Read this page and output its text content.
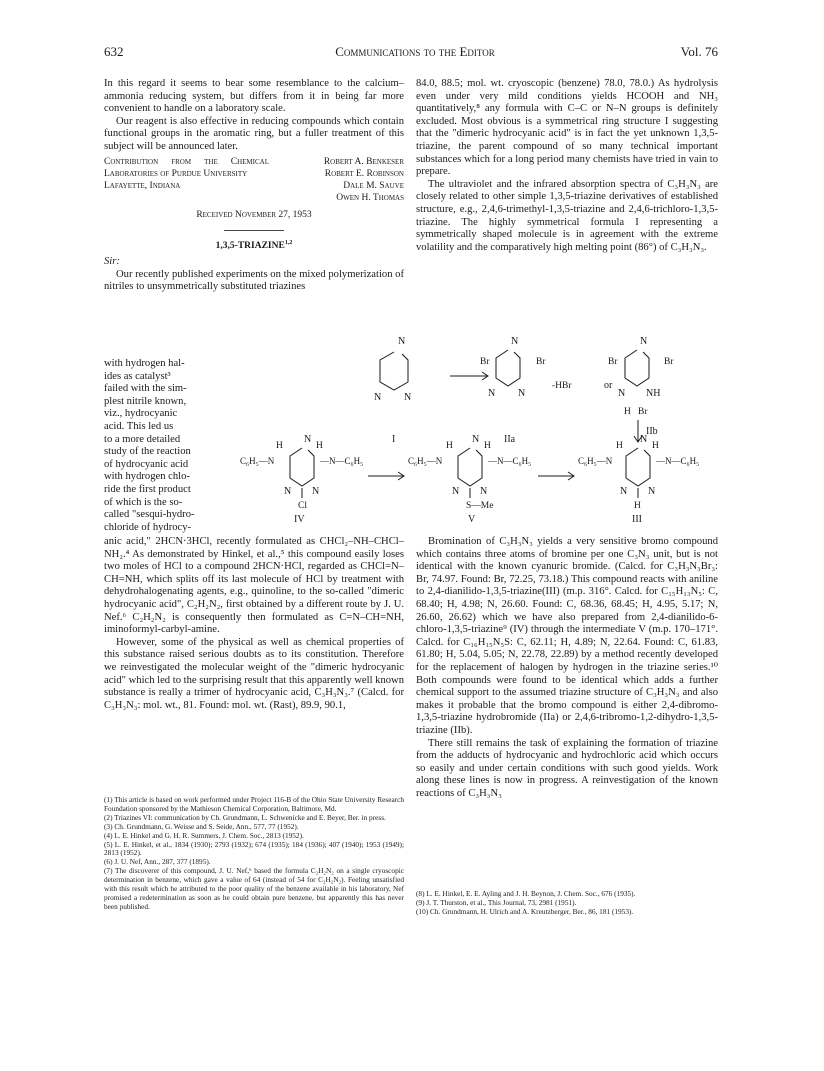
632	Communications to the Editor	Vol. 76

In this regard it seems to bear some resemblance to the calcium–ammonia reducing system, but differs from it in being far more convenient to handle on a laboratory scale.

Our reagent is also effective in reducing compounds which contain functional groups in the aromatic ring, but a fuller treatment of this subject will be announced later.

Contribution from the Chemical Laboratories of Purdue University
Lafayette, Indiana
Robert A. Benkeser
Robert E. Robinson
Dale M. Sauve
Owen H. Thomas
Received November 27, 1953
1,3,5-TRIAZINE$^{1,2}$
Sir:

Our recently published experiments on the mixed polymerization of nitriles to unsymmetrically substituted triazines

with hydrogen hal-
ides as catalyst³
failed with the sim-
plest nitrile known,
viz., hydrocyanic
acid. This led us
to a more detailed
study of the reaction
of hydrocyanic acid
with hydrogen chlo-
ride the first product
of which is the so-
called "sesqui-hydro-
chloride of hydrocy-

anic acid," 2HCN·3HCl, recently formulated as CHCl₂–NH–CHCl–NH₂.⁴ As demonstrated by Hinkel, et al.,⁵ this compound easily loses two moles of HCl to a compound 2HCN·HCl, regarded as CHCl=N–CH=NH, which splits off its last molecule of HCl by treatment with dehydrohalogenating agents, e.g., quinoline, to the so-called "dimeric hydrocyanic acid", C₂H₂N₂, first obtained by a different route by J. U. Nef.⁶ C₂H₂N₂ is consequently then formulated as C=N–CH=NH, iminoformyl-carbyl-amine.

However, some of the physical as well as chemical properties of this substance raised serious doubts as to its constitution. Therefore we reinvestigated the molecular weight of the "dimeric hydrocyanic acid" which led to the surprising result that this apparently well known substance is really a trimer of hydrocyanic acid, C₃H₃N₃.⁷ (Calcd. for C₃H₃N₃: mol. wt., 81. Found: mol. wt. (Rast), 89.9, 90.1,

(1) This article is based on work performed under Project 116-B of the Ohio State University Research Foundation sponsored by the Mathieson Chemical Corporation, Baltimore, Md.

(2) Triazines VI: communication by Ch. Grundmann, L. Schwenicke and E. Beyer, Ber. in press.

(3) Ch. Grundmann, G. Weisse and S. Seide, Ann., 577, 77 (1952).

(4) L. E. Hinkel and G. H. R. Summers, J. Chem. Soc., 2813 (1952).

(5) L. E. Hinkel, et al., 1834 (1930); 2793 (1932); 674 (1935); 184 (1936); 407 (1940); 1953 (1949); 2813 (1952).

(6) J. U. Nef, Ann., 287, 377 (1895).

(7) The discoverer of this compound, J. U. Nef,⁶ based the formula C₂H₂N₂ on a single cryoscopic determination in benzene, which gave a value of 64 (instead of 54 for C₂H₂N₂). Feeling unsatisfied with this result which he attributed to the poor quality of the benzene available in his laboratory, Nef promised a redetermination as soon as he could obtain pure benzene, but apparently this has never been published.

84.0, 88.5; mol. wt. cryoscopic (benzene) 78.0, 78.0.) As hydrolysis even under very mild conditions yields HCOOH and NH₃ quantitatively,⁸ any formula with C–C or N–N groups is definitely excluded. Most obvious is a symmetrical ring structure I suggesting that the "dimeric hydrocyanic acid" is in fact the yet unknown 1,3,5-triazine, the parent compound of so many technical important substances which for a long period many chemists have tried in vain to prepare.

The ultraviolet and the infrared absorption spectra of C₃H₃N₃ are closely related to other simple 1,3,5-triazine derivatives of established structure, e.g., 2,4,6-trimethyl-1,3,5-triazine and 2,4,6-trichloro-1,3,5-triazine. The highly symmetrical formula I representing a symmetrically shaped molecule is in agreement with the extreme volatility and the comparatively high melting point (86°) of C₃H₃N₃.

N
N N
I
N
Br	Br
N N
-HBr
IIa
or
N
Br	Br
N NH
H Br
IIb
H
N
H
C₆H₅—N	—N—C₆H₅
N N
Cl
IV
H
N
H
C₆H₅—N	—N—C₆H₅
N N
S—Me
V
H
N
H
C₆H₅—N	—N—C₆H₅
N N
H
III

Bromination of C₃H₃N₃ yields a very sensitive bromo compound which contains three atoms of bromine per one C₃N₃ unit, but is not identical with the known cyanuric bromide. (Calcd. for C₃H₃N₃Br₃: Br, 74.97. Found: Br, 72.25, 73.18.) This compound reacts with aniline to 2,4-dianilido-1,3,5-triazine(III) (m.p. 316°. Calcd. for C₁₅H₁₃N₅: C, 68.40; H, 4.98; N, 26.60. Found: C, 68.36, 68.45; H, 4.95, 5.17; N, 26.60, 26.62) which we have also prepared from 2,4-dianilido-6-chloro-1,3,5-triazine⁹ (IV) through the intermediate V (m.p. 170–171°. Calcd. for C₁₆H₁₅N₅S: C, 62.11; H, 4.89; N, 22.64. Found: C, 61.83, 61.80; H, 5.04, 5.05; N, 22.78, 22.89) by a method recently developed for the replacement of halogen by hydrogen in the triazine series.¹⁰ Both compounds were found to be identical which adds a further chemical support to the assumed triazine structure of C₃H₃N₃ and also makes it probable that the bromo compound is either 2,4-dibromo-1,3,5-triazine hydrobromide (IIa) or 2,4,6-tribromo-1,2-dihydro-1,3,5-triazine (IIb).

There still remains the task of explaining the formation of triazine from the adducts of hydrocyanic and hydrochloric acid which occurs so easily and under certain conditions with such good yields. Work along these lines is now in progress. A reinvestigation of the known reactions of C₃H₃N₃

(8) L. E. Hinkel, E. E. Ayling and J. H. Beynon, J. Chem. Soc., 676 (1935).

(9) J. T. Thurston, et al., This Journal, 73, 2981 (1951).

(10) Ch. Grundmann, H. Ulrich and A. Kreutzberger, Ber., 86, 181 (1953).
